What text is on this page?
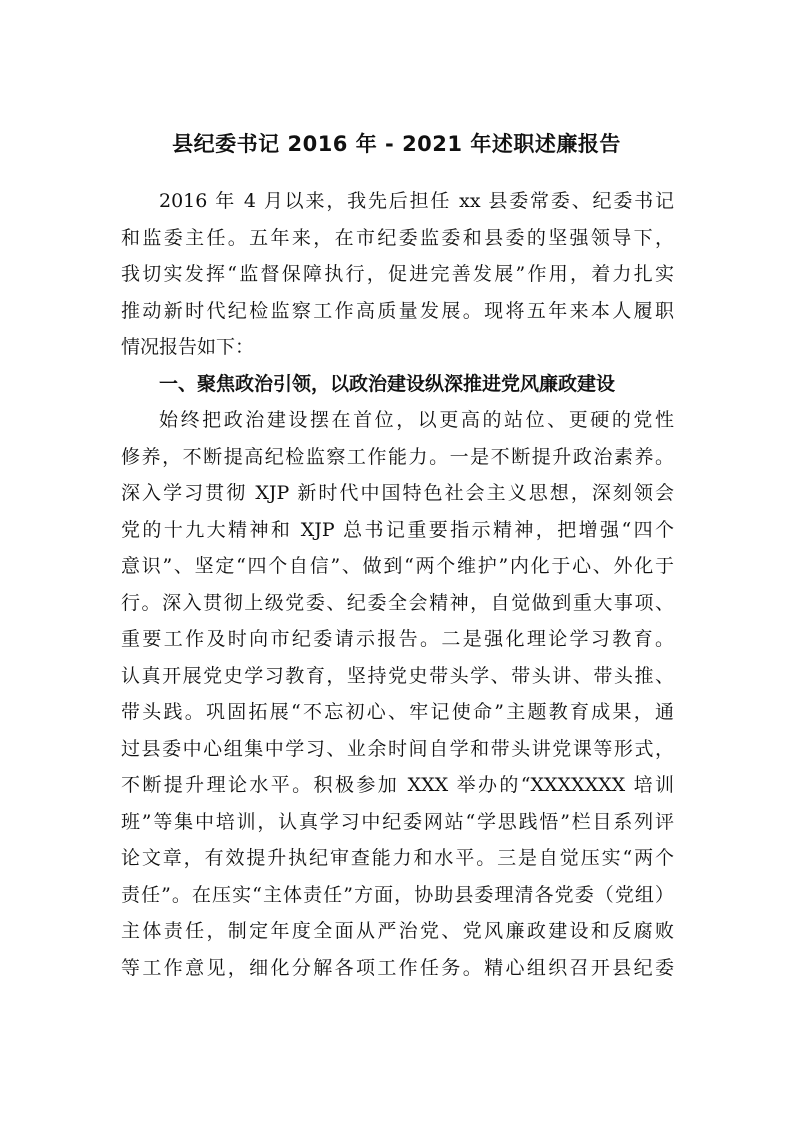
县纪委书记 2016 年 - 2021 年述职述廉报告
2016 年 4 月以来，我先后担任 xx 县委常委、纪委书记
和监委主任。五年来，在市纪委监委和县委的坚强领导下，
我切实发挥“监督保障执行，促进完善发展”作用，着力扎实
推动新时代纪检监察工作高质量发展。现将五年来本人履职
情况报告如下：
一、聚焦政治引领，以政治建设纵深推进党风廉政建设
始终把政治建设摆在首位，以更高的站位、更硬的党性
修养，不断提高纪检监察工作能力。一是不断提升政治素养。
深入学习贯彻 XJP 新时代中国特色社会主义思想，深刻领会
党的十九大精神和 XJP 总书记重要指示精神，把增强“四个
意识”、坚定“四个自信”、做到“两个维护”内化于心、外化于
行。深入贯彻上级党委、纪委全会精神，自觉做到重大事项、
重要工作及时向市纪委请示报告。二是强化理论学习教育。
认真开展党史学习教育，坚持党史带头学、带头讲、带头推、
带头践。巩固拓展“不忘初心、牢记使命”主题教育成果，通
过县委中心组集中学习、业余时间自学和带头讲党课等形式，
不断提升理论水平。积极参加 XXX 举办的“XXXXXXX 培训
班”等集中培训，认真学习中纪委网站“学思践悟”栏目系列评
论文章，有效提升执纪审查能力和水平。三是自觉压实“两个
责任”。在压实“主体责任”方面，协助县委理清各党委（党组）
主体责任，制定年度全面从严治党、党风廉政建设和反腐败
等工作意见，细化分解各项工作任务。精心组织召开县纪委
